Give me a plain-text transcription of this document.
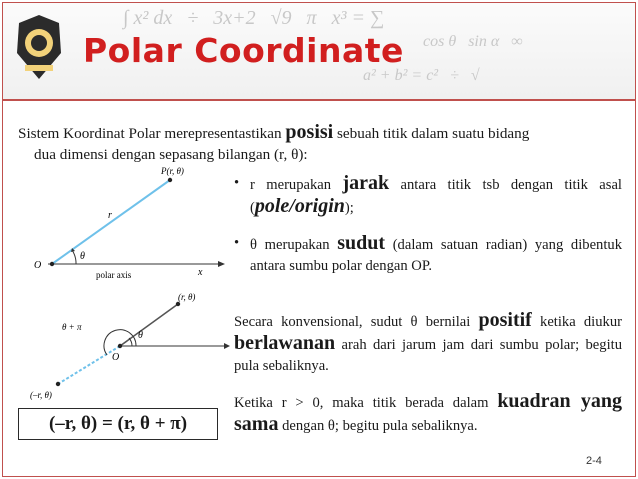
∫ x² dx   ÷   3x+2   √9   π   x³ = ∑
cos θ   sin α   ∞
a² + b² = c²   ÷   √
Polar Coordinate

Sistem Koordinat Polar merepresentastikan posisi sebuah titik dalam suatu bidang
dua dimensi dengan sepasang bilangan (r, θ):

P(r, θ)
r
θ
O
polar axis	x
(r, θ)
(–r, θ)
θ
θ + π
O
• r merupakan jarak antara titik tsb dengan titik asal (pole/origin);
• θ merupakan sudut (dalam satuan radian) yang dibentuk antara sumbu polar dengan OP.

Secara konvensional, sudut θ bernilai positif ketika diukur berlawanan arah dari jarum jam dari sumbu polar; begitu pula sebaliknya.

Ketika r > 0, maka titik berada dalam kuadran yang sama dengan θ; begitu pula sebaliknya.

(–r, θ) = (r, θ + π)
2-4
